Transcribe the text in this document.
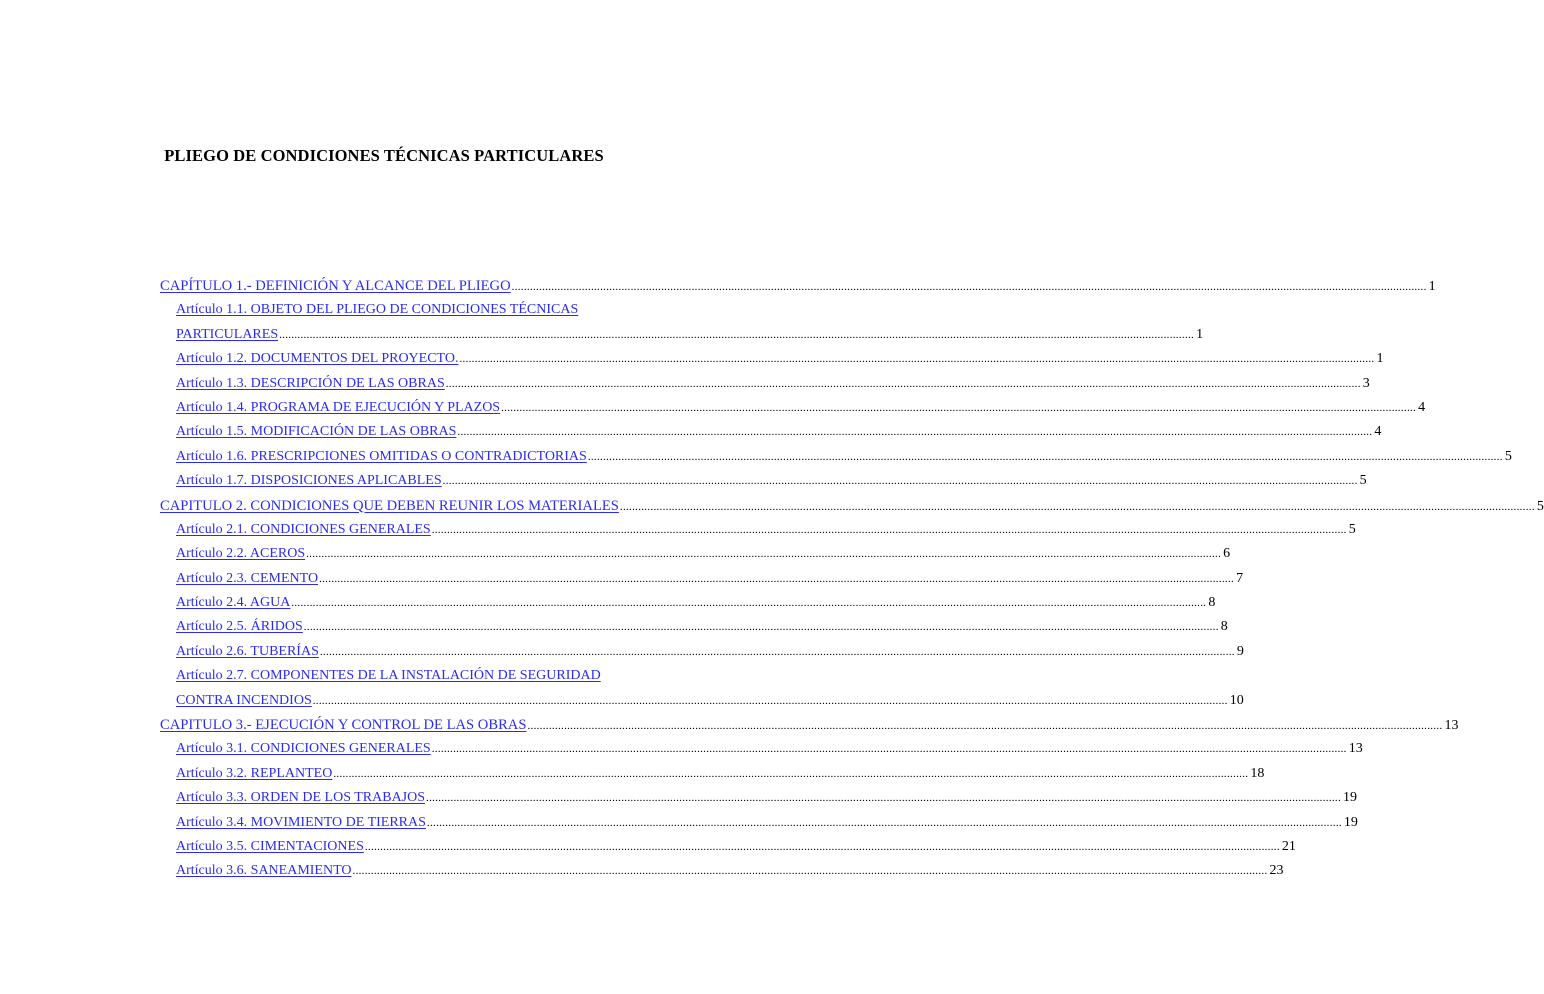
PLIEGO DE CONDICIONES TÉCNICAS PARTICULARES
CAPÍTULO 1.- DEFINICIÓN Y ALCANCE DEL PLIEGO ............................................................................................................................................................................................................................................................................................................ 1
Artículo 1.1. OBJETO DEL PLIEGO DE CONDICIONES TÉCNICAS
PARTICULARES ............................................................................................................................................................................................................................................................................................................ 1
Artículo 1.2. DOCUMENTOS DEL PROYECTO. ............................................................................................................................................................................................................................................................................................................ 1
Artículo 1.3. DESCRIPCIÓN DE LAS OBRAS ............................................................................................................................................................................................................................................................................................................ 3
Artículo 1.4. PROGRAMA DE EJECUCIÓN Y PLAZOS ............................................................................................................................................................................................................................................................................................................ 4
Artículo 1.5. MODIFICACIÓN DE LAS OBRAS ............................................................................................................................................................................................................................................................................................................ 4
Artículo 1.6. PRESCRIPCIONES OMITIDAS O CONTRADICTORIAS ............................................................................................................................................................................................................................................................................................................ 5
Artículo 1.7. DISPOSICIONES APLICABLES ............................................................................................................................................................................................................................................................................................................ 5
CAPITULO 2. CONDICIONES QUE DEBEN REUNIR LOS MATERIALES ............................................................................................................................................................................................................................................................................................................ 5
Artículo 2.1. CONDICIONES GENERALES ............................................................................................................................................................................................................................................................................................................ 5
Artículo 2.2. ACEROS ............................................................................................................................................................................................................................................................................................................ 6
Artículo 2.3. CEMENTO ............................................................................................................................................................................................................................................................................................................ 7
Artículo 2.4. AGUA ............................................................................................................................................................................................................................................................................................................ 8
Artículo 2.5. ÁRIDOS ............................................................................................................................................................................................................................................................................................................ 8
Artículo 2.6. TUBERÍAS ............................................................................................................................................................................................................................................................................................................ 9
Artículo 2.7. COMPONENTES DE LA INSTALACIÓN DE SEGURIDAD
CONTRA INCENDIOS ............................................................................................................................................................................................................................................................................................................ 10
CAPITULO 3.- EJECUCIÓN Y CONTROL DE LAS OBRAS ............................................................................................................................................................................................................................................................................................................ 13
Artículo 3.1. CONDICIONES GENERALES ............................................................................................................................................................................................................................................................................................................ 13
Artículo 3.2. REPLANTEO ............................................................................................................................................................................................................................................................................................................ 18
Artículo 3.3. ORDEN DE LOS TRABAJOS ............................................................................................................................................................................................................................................................................................................ 19
Artículo 3.4. MOVIMIENTO DE TIERRAS ............................................................................................................................................................................................................................................................................................................ 19
Artículo 3.5. CIMENTACIONES ............................................................................................................................................................................................................................................................................................................ 21
Artículo 3.6. SANEAMIENTO ............................................................................................................................................................................................................................................................................................................ 23
